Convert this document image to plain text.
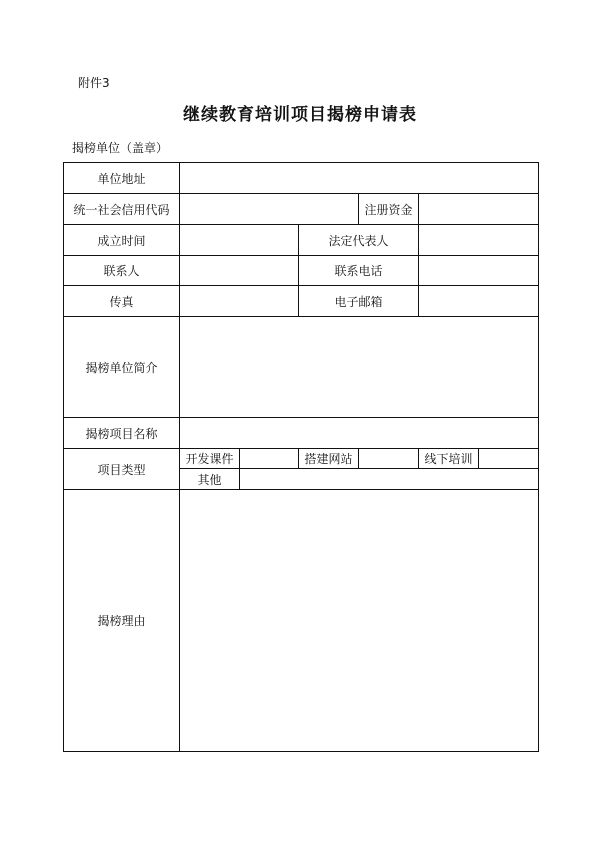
附件3
继续教育培训项目揭榜申请表
揭榜单位（盖章）
单位地址
统一社会信用代码	注册资金
成立时间	法定代表人
联系人	联系电话
传真	电子邮箱
揭榜单位简介
揭榜项目名称
项目类型
开发课件	搭建网站	线下培训
其他
揭榜理由
